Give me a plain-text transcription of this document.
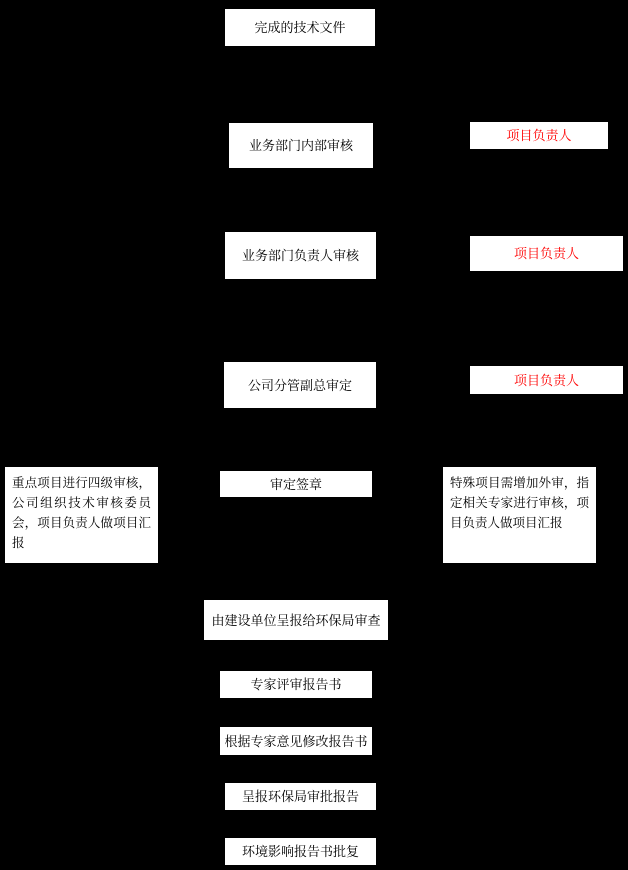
完成的技术文件
业务部门内部审核
项目负责人
业务部门负责人审核	项目负责人
公司分管副总审定	项目负责人
重点项目进行四级审核，公司组织技术审核委员会，项目负责人做项目汇报
审定签章	特殊项目需增加外审，指定相关专家进行审核，项目负责人做项目汇报
由建设单位呈报给环保局审查
专家评审报告书
根据专家意见修改报告书
呈报环保局审批报告
环境影响报告书批复
